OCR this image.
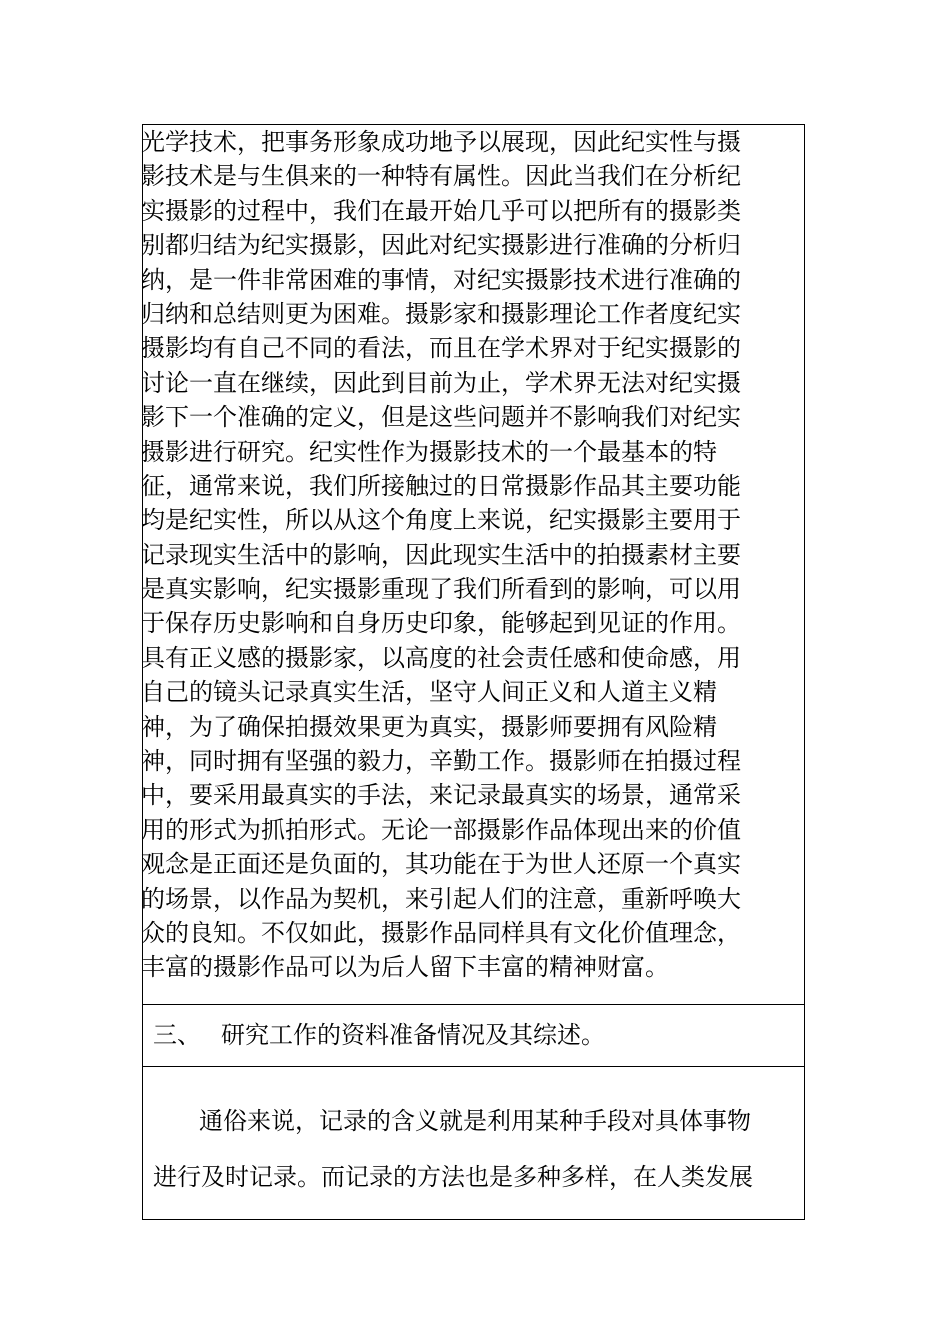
光学技术，把事务形象成功地予以展现，因此纪实性与摄
影技术是与生俱来的一种特有属性。因此当我们在分析纪
实摄影的过程中，我们在最开始几乎可以把所有的摄影类
别都归结为纪实摄影，因此对纪实摄影进行准确的分析归
纳，是一件非常困难的事情，对纪实摄影技术进行准确的
归纳和总结则更为困难。摄影家和摄影理论工作者度纪实
摄影均有自己不同的看法，而且在学术界对于纪实摄影的
讨论一直在继续，因此到目前为止，学术界无法对纪实摄
影下一个准确的定义，但是这些问题并不影响我们对纪实
摄影进行研究。纪实性作为摄影技术的一个最基本的特
征，通常来说，我们所接触过的日常摄影作品其主要功能
均是纪实性，所以从这个角度上来说，纪实摄影主要用于
记录现实生活中的影响，因此现实生活中的拍摄素材主要
是真实影响，纪实摄影重现了我们所看到的影响，可以用
于保存历史影响和自身历史印象，能够起到见证的作用。
具有正义感的摄影家，以高度的社会责任感和使命感，用
自己的镜头记录真实生活，坚守人间正义和人道主义精
神，为了确保拍摄效果更为真实，摄影师要拥有风险精
神，同时拥有坚强的毅力，辛勤工作。摄影师在拍摄过程
中，要采用最真实的手法，来记录最真实的场景，通常采
用的形式为抓拍形式。无论一部摄影作品体现出来的价值
观念是正面还是负面的，其功能在于为世人还原一个真实
的场景，以作品为契机，来引起人们的注意，重新呼唤大
众的良知。不仅如此，摄影作品同样具有文化价值理念，
丰富的摄影作品可以为后人留下丰富的精神财富。
三、 研究工作的资料准备情况及其综述。
通俗来说，记录的含义就是利用某种手段对具体事物
进行及时记录。而记录的方法也是多种多样，在人类发展
